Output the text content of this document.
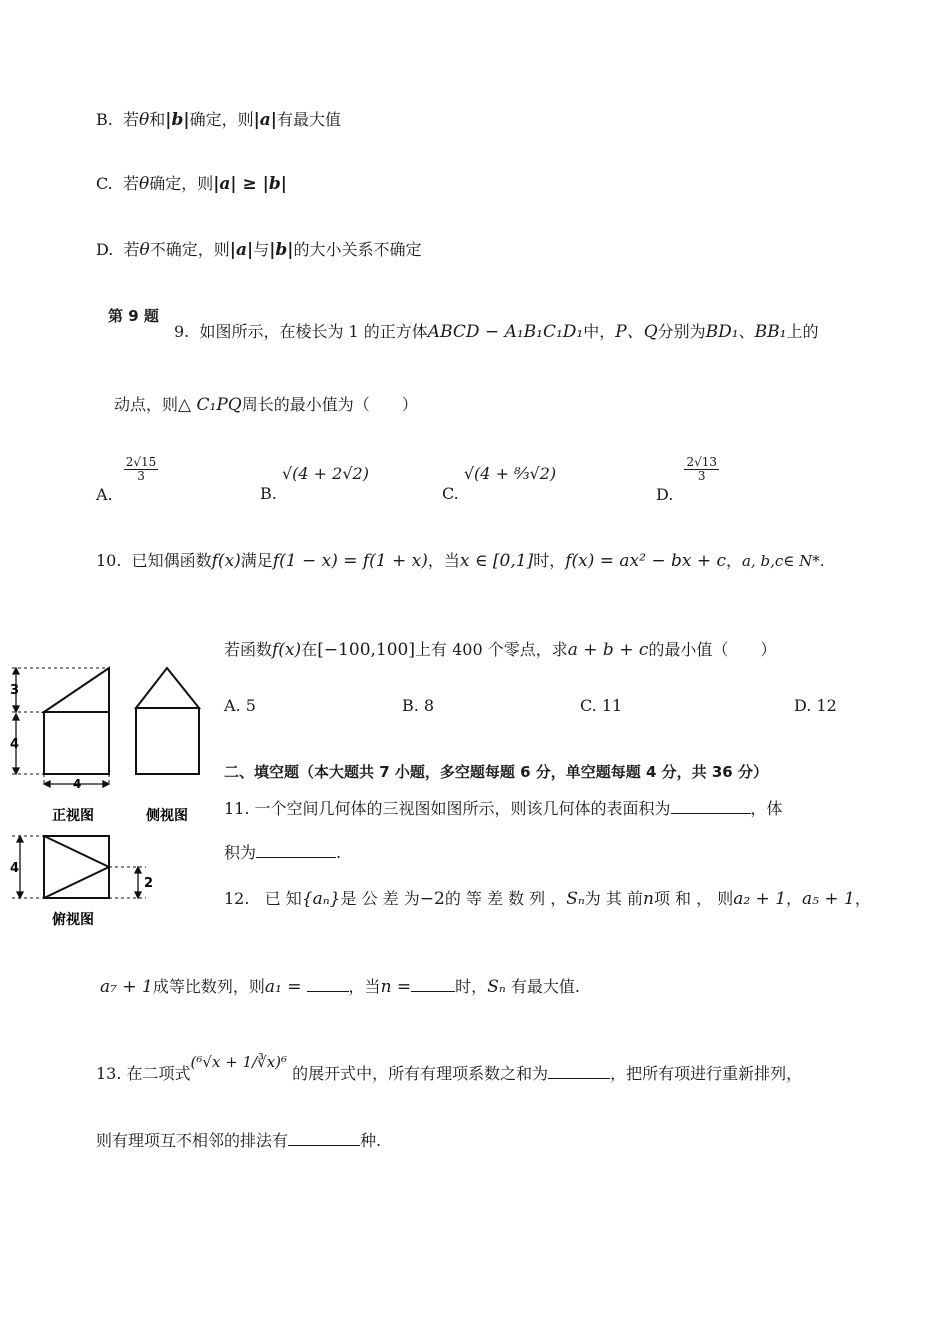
B. 若θ和|b|确定，则|a|有最大值
C. 若θ确定，则|a| ≥ |b|
D. 若θ不确定，则|a|与|b|的大小关系不确定
第 9 题
9. 如图所示，在棱长为 1 的正方体ABCD − A₁B₁C₁D₁中，P、Q分别为BD₁、BB₁上的
动点，则△ C₁PQ周长的最小值为（　　）
A.
$\frac{2√15}{3}$
B. √(4 + 2√2)
C. √(4 + ⁸⁄₃√2)
D.
$\frac{2√13}{3}$
10. 已知偶函数f(x)满足f(1 − x) = f(1 + x)，当x ∈ [0,1]时，f(x) = ax² − bx + c，a, b,c∈ N*.
若函数f(x)在[−100,100]上有 400 个零点，求a + b + c的最小值（　　）
A. 5	B. 8	C. 11	D. 12
二、填空题（本大题共 7 小题，多空题每题 6 分，单空题每题 4 分，共 36 分）
11. 一个空间几何体的三视图如图所示，则该几何体的表面积为	，体
积为	.
12. 已 知{aₙ}是 公 差 为−2的 等 差 数 列 ，Sₙ为 其 前n项 和 ， 则a₂ + 1，a₅ + 1，
a₇ + 1成等比数列，则a₁ =	，当n =	时，Sₙ 有最大值.
13. 在二项式(⁶√x + 1/∛x)⁶ 的展开式中，所有有理项系数之和为	，把所有项进行重新排列，
则有理项互不相邻的排法有	种.
3
4
4
正视图	侧视图
4
2
俯视图
